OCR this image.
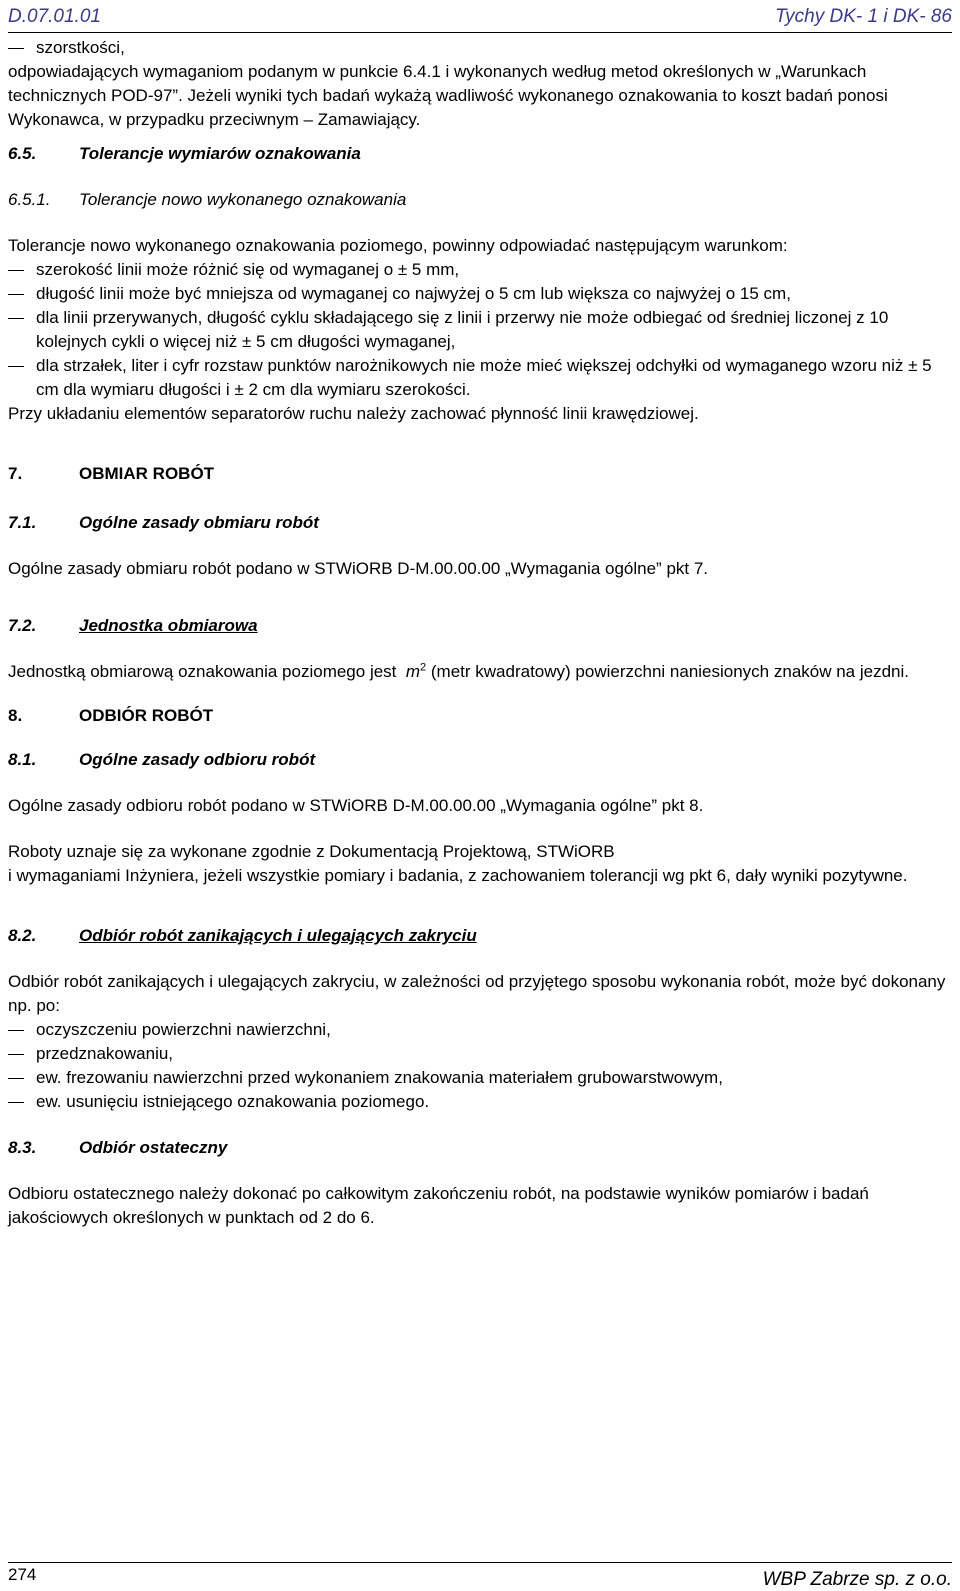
D.07.01.01	Tychy DK- 1 i DK- 86
szorstkości,

odpowiadających wymaganiom podanym w punkcie 6.4.1 i wykonanych według metod określonych w „Warunkach technicznych POD-97”. Jeżeli wyniki tych badań wykażą wadliwość wykonanego oznakowania to koszt badań ponosi Wykonawca, w przypadku przeciwnym – Zamawiający.

6.5.	Tolerancje wymiarów oznakowania
6.5.1. Tolerancje nowo wykonanego oznakowania

Tolerancje nowo wykonanego oznakowania poziomego, powinny odpowiadać następującym warunkom:

szerokość linii może różnić się od wymaganej o ± 5 mm,
długość linii może być mniejsza od wymaganej co najwyżej o 5 cm lub większa co najwyżej o 15 cm,
dla linii przerywanych, długość cyklu składającego się z linii i przerwy nie może odbiegać od średniej liczonej z 10 kolejnych cykli o więcej niż ± 5 cm długości wymaganej,
dla strzałek, liter i cyfr rozstaw punktów narożnikowych nie może mieć większej odchyłki od wymaganego wzoru niż ± 5 cm dla wymiaru długości i ± 2 cm dla wymiaru szerokości.

Przy układaniu elementów separatorów ruchu należy zachować płynność linii krawędziowej.

7.	OBMIAR ROBÓT
7.1.	Ogólne zasady obmiaru robót

Ogólne zasady obmiaru robót podano w STWiORB D-M.00.00.00 „Wymagania ogólne” pkt 7.

7.2.	Jednostka obmiarowa

Jednostką obmiarową oznakowania poziomego jest $m^2$ (metr kwadratowy) powierzchni naniesionych znaków na jezdni.

8.	ODBIÓR ROBÓT
8.1.	Ogólne zasady odbioru robót

Ogólne zasady odbioru robót podano w STWiORB D-M.00.00.00 „Wymagania ogólne” pkt 8.

Roboty uznaje się za wykonane zgodnie z Dokumentacją Projektową, STWiORB

i wymaganiami Inżyniera, jeżeli wszystkie pomiary i badania, z zachowaniem tolerancji wg pkt 6, dały wyniki pozytywne.

8.2.	Odbiór robót zanikających i ulegających zakryciu

Odbiór robót zanikających i ulegających zakryciu, w zależności od przyjętego sposobu wykonania robót, może być dokonany np. po:

oczyszczeniu powierzchni nawierzchni,
przedznakowaniu,
ew. frezowaniu nawierzchni przed wykonaniem znakowania materiałem grubowarstwowym,
ew. usunięciu istniejącego oznakowania poziomego.
8.3.	Odbiór ostateczny

Odbioru ostatecznego należy dokonać po całkowitym zakończeniu robót, na podstawie wyników pomiarów i badań jakościowych określonych w punktach od 2 do 6.

274	WBP Zabrze sp. z o.o.
